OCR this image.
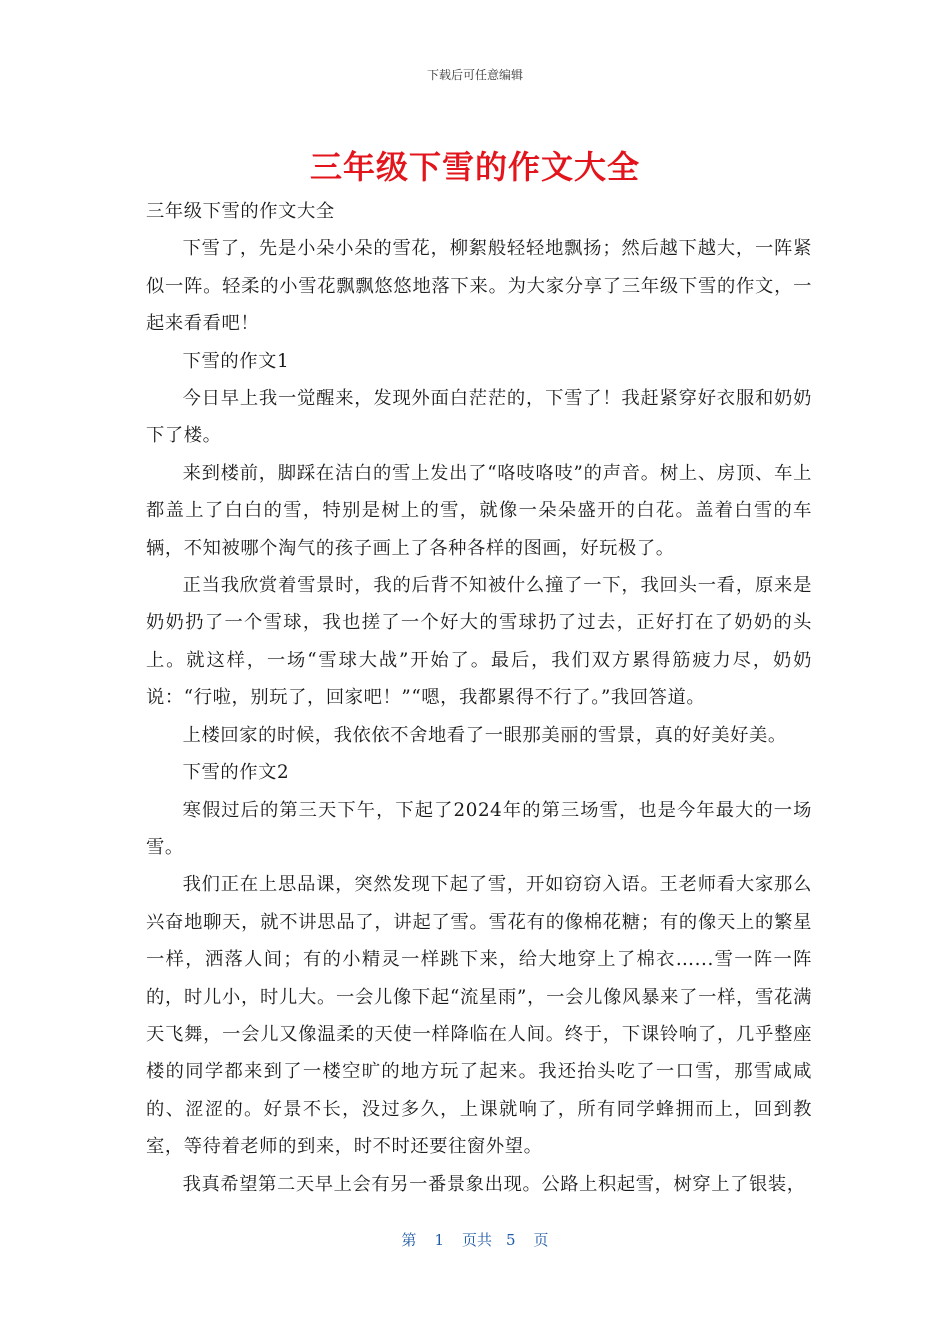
下载后可任意编辑
三年级下雪的作文大全

三年级下雪的作文大全

下雪了，先是小朵小朵的雪花，柳絮般轻轻地飘扬；然后越下越大，一阵紧似一阵。轻柔的小雪花飘飘悠悠地落下来。为大家分享了三年级下雪的作文，一起来看看吧！

下雪的作文1

今日早上我一觉醒来，发现外面白茫茫的，下雪了！我赶紧穿好衣服和奶奶下了楼。

来到楼前，脚踩在洁白的雪上发出了“咯吱咯吱”的声音。树上、房顶、车上都盖上了白白的雪，特别是树上的雪，就像一朵朵盛开的白花。盖着白雪的车辆，不知被哪个淘气的孩子画上了各种各样的图画，好玩极了。

正当我欣赏着雪景时，我的后背不知被什么撞了一下，我回头一看，原来是奶奶扔了一个雪球，我也搓了一个好大的雪球扔了过去，正好打在了奶奶的头上。就这样，一场“雪球大战”开始了。最后，我们双方累得筋疲力尽，奶奶说：“行啦，别玩了，回家吧！”“嗯，我都累得不行了。”我回答道。

上楼回家的时候，我依依不舍地看了一眼那美丽的雪景，真的好美好美。

下雪的作文2

寒假过后的第三天下午，下起了2024年的第三场雪，也是今年最大的一场雪。

我们正在上思品课，突然发现下起了雪，开如窃窃入语。王老师看大家那么兴奋地聊天，就不讲思品了，讲起了雪。雪花有的像棉花糖；有的像天上的繁星一样，洒落人间；有的小精灵一样跳下来，给大地穿上了棉衣…...雪一阵一阵的，时儿小，时儿大。一会儿像下起“流星雨”，一会儿像风暴来了一样，雪花满天飞舞，一会儿又像温柔的天使一样降临在人间。终于，下课铃响了，几乎整座楼的同学都来到了一楼空旷的地方玩了起来。我还抬头吃了一口雪，那雪咸咸的、涩涩的。好景不长，没过多久，上课就响了，所有同学蜂拥而上，回到教室，等待着老师的到来，时不时还要往窗外望。

我真希望第二天早上会有另一番景象出现。公路上积起雪，树穿上了银装，

第 1 页共 5 页
